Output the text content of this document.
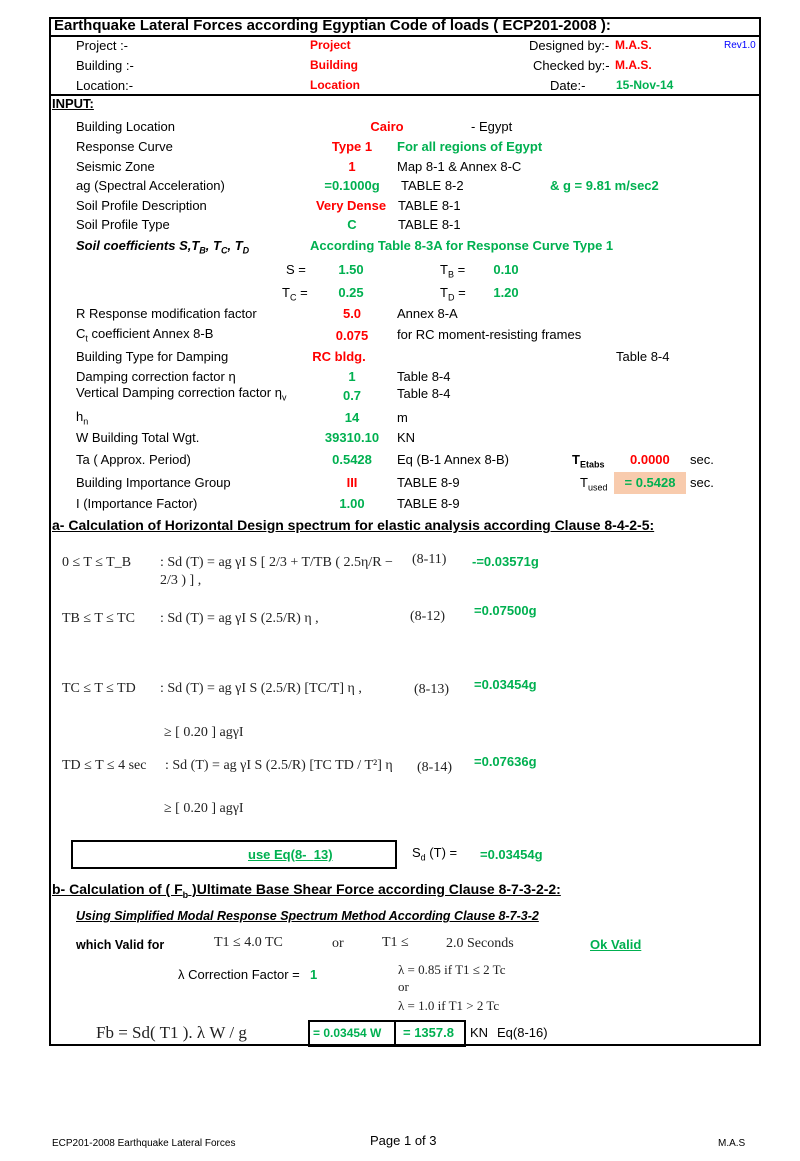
Earthquake Lateral Forces according Egyptian Code of loads ( ECP201-2008 ):
Project :-	Project
Building :-	Building
Location:-	Location
Designed by:- M.A.S.
Checked by:- M.A.S.
Date:-	15-Nov-14
Rev1.0
INPUT:
Building Location	Cairo	- Egypt
Response Curve	Type 1 For all regions of Egypt
Seismic Zone	1	Map 8-1 & Annex 8-C
ag (Spectral Acceleration)	=0.1000g TABLE 8-2	& g = 9.81 m/sec2
Soil Profile Description	Very Dense TABLE 8-1
Soil Profile Type	C	TABLE 8-1
Soil coefficients $S,T_B$, $T_C$, $T_D$	According Table 8-3A for Response Curve Type 1
S = 1.50	$T_B = 0.10$
$T_C = 0.25$	$T_D = 1.20$
R Response modification factor	5.0	Annex 8-A
$C_t$ coefficient Annex 8-B	0.075 for RC moment-resisting frames
Building Type for Damping	RC bldg.	Table 8-4
Damping correction factor η	1	Table 8-4
Vertical Damping correction factor $\eta_v$	0.7	Table 8-4
$h_n$	14	m
W Building Total Wgt.	39310.10 KN
Ta ( Approx. Period)	0.5428 Eq (B-1 Annex 8-B)	$T_{Etabs}$ 0.0000 sec.
Building Importance Group	III	TABLE 8-9	$T_{used}$	= 0.5428	sec.
I (Importance Factor)	1.00 TABLE 8-9
a- Calculation of Horizontal Design spectrum for elastic analysis according Clause 8-4-2-5:
0 ≤ T ≤ T_B : Sd (T) = ag γI S [ 2/3 + T/TB ( 2.5η/R − 2/3 ) ] ,
(8-11) -=0.03571g
TB ≤ T ≤ TC : Sd (T) = ag γI S (2.5/R) η ,	(8-12) =0.07500g
TC ≤ T ≤ TD : Sd (T) = ag γI S (2.5/R) [TC/T] η ,	(8-13) =0.03454g
≥ [ 0.20 ] agγI
TD ≤ T ≤ 4 sec : Sd (T) = ag γI S (2.5/R) [TC TD / T²] η	(8-14) =0.07636g
≥ [ 0.20 ] agγI
use Eq(8- 13)	$S_d$ (T) = =0.03454g
b- Calculation of ( $F_b$ )Ultimate Base Shear Force according Clause 8-7-3-2-2:
Using Simplified Modal Response Spectrum Method According Clause 8-7-3-2
which Valid for	T1 ≤ 4.0 TC	or	T1 ≤	2.0 Seconds	Ok Valid
λ Correction Factor = 1	λ = 0.85 if T1 ≤ 2 Tc
or
λ = 1.0 if T1 > 2 Tc
Fb = Sd( T1 ). λ W / g	= 0.03454 W = 1357.8 KN Eq(8-16)
ECP201-2008 Earthquake Lateral Forces	Page 1 of 3	M.A.S
